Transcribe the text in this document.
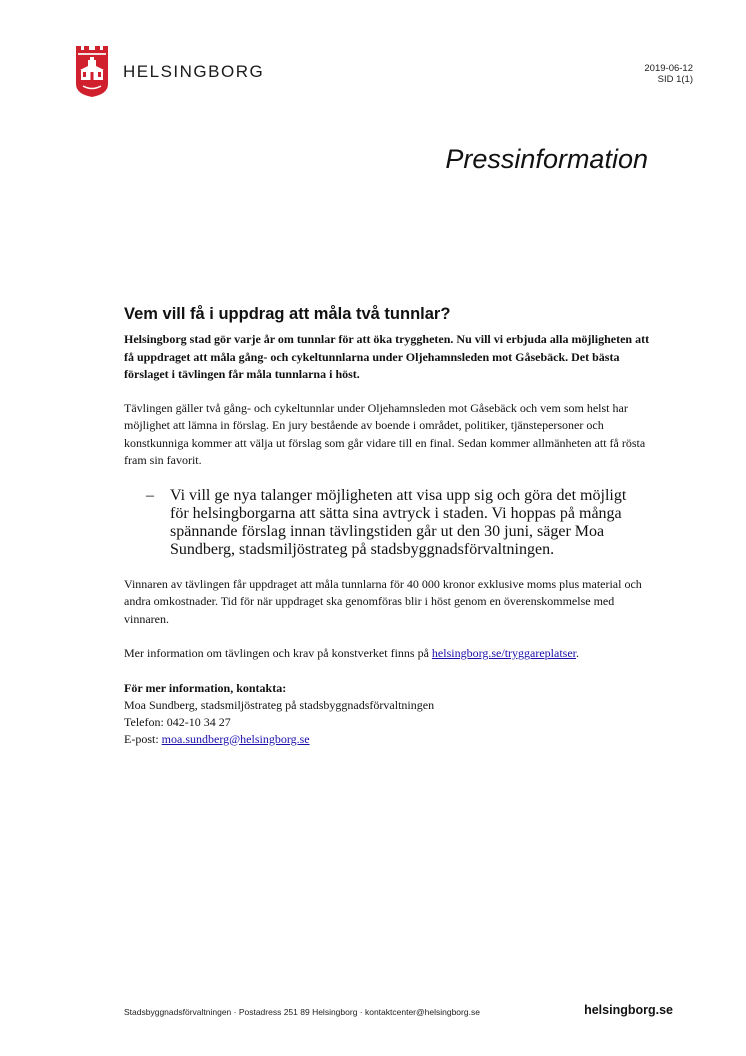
HELSINGBORG	2019-06-12
SID 1(1)
Pressinformation
Vem vill få i uppdrag att måla två tunnlar?

Helsingborg stad gör varje år om tunnlar för att öka tryggheten. Nu vill vi erbjuda alla möjligheten att få uppdraget att måla gång- och cykeltunnlarna under Oljehamnsleden mot Gåsebäck. Det bästa förslaget i tävlingen får måla tunnlarna i höst.

Tävlingen gäller två gång- och cykeltunnlar under Oljehamnsleden mot Gåsebäck och vem som helst har möjlighet att lämna in förslag. En jury bestående av boende i området, politiker, tjänstepersoner och konstkunniga kommer att välja ut förslag som går vidare till en final. Sedan kommer allmänheten att få rösta fram sin favorit.

–	Vi vill ge nya talanger möjligheten att visa upp sig och göra det möjligt för helsingborgarna att sätta sina avtryck i staden. Vi hoppas på många spännande förslag innan tävlingstiden går ut den 30 juni, säger Moa Sundberg, stadsmiljöstrateg på stadsbyggnadsförvaltningen.

Vinnaren av tävlingen får uppdraget att måla tunnlarna för 40 000 kronor exklusive moms plus material och andra omkostnader. Tid för när uppdraget ska genomföras blir i höst genom en överenskommelse med vinnaren.

Mer information om tävlingen och krav på konstverket finns på helsingborg.se/tryggareplatser.

För mer information, kontakta:

Moa Sundberg, stadsmiljöstrateg på stadsbyggnadsförvaltningen

Telefon: 042-10 34 27

E-post: moa.sundberg@helsingborg.se

Stadsbyggnadsförvaltningen · Postadress 251 89 Helsingborg · kontaktcenter@helsingborg.se	helsingborg.se
